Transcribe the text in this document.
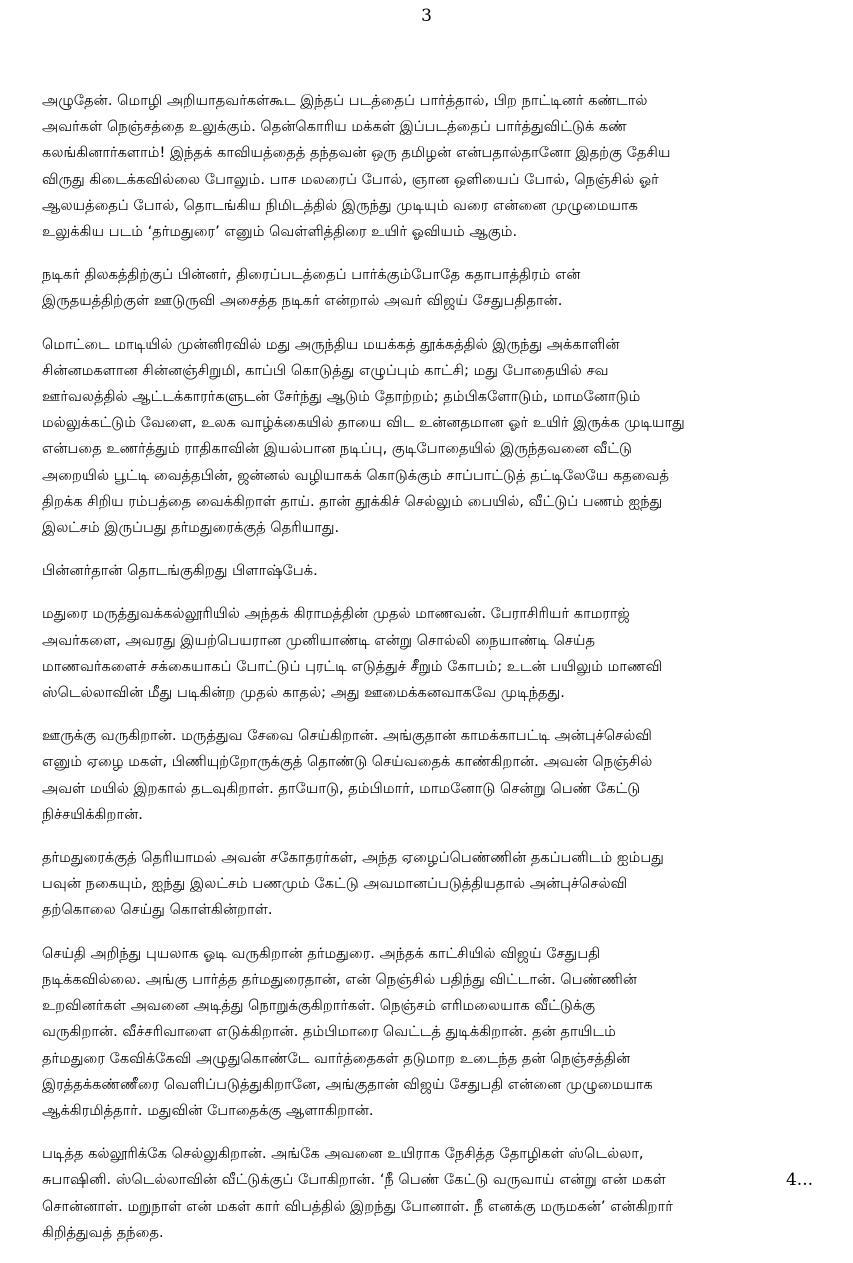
3

அழுதேன். மொழி அறியாதவர்கள்கூட இந்தப் படத்தைப் பார்த்தால், பிற நாட்டினர் கண்டால்
அவர்கள் நெஞ்சத்தை உலுக்கும். தென்கொரிய மக்கள் இப்படத்தைப் பார்த்துவிட்டுக் கண்
கலங்கினார்களாம்! இந்தக் காவியத்தைத் தந்தவன் ஒரு தமிழன் என்பதால்தானோ இதற்கு தேசிய
விருது கிடைக்கவில்லை போலும். பாச மலரைப் போல், ஞான ஒளியைப் போல், நெஞ்சில் ஓர்
ஆலயத்தைப் போல், தொடங்கிய நிமிடத்தில் இருந்து முடியும் வரை என்னை முழுமையாக
உலுக்கிய படம் ‘தர்மதுரை’ எனும் வெள்ளித்திரை உயிர் ஓவியம் ஆகும்.

நடிகர் திலகத்திற்குப் பின்னர், திரைப்படத்தைப் பார்க்கும்போதே கதாபாத்திரம் என்
இருதயத்திற்குள் ஊடுருவி அசைத்த நடிகர் என்றால் அவர் விஜய் சேதுபதிதான்.

மொட்டை மாடியில் முன்னிரவில் மது அருந்திய மயக்கத் தூக்கத்தில் இருந்து அக்காளின்
சின்னமகளான சின்னஞ்சிறுமி, காப்பி கொடுத்து எழுப்பும் காட்சி; மது போதையில் சவ
ஊர்வலத்தில் ஆட்டக்காரர்களுடன் சேர்ந்து ஆடும் தோற்றம்; தம்பிகளோடும், மாமனோடும்
மல்லுக்கட்டும் வேளை, உலக வாழ்க்கையில் தாயை விட உன்னதமான ஓர் உயிர் இருக்க முடியாது
என்பதை உணர்த்தும் ராதிகாவின் இயல்பான நடிப்பு, குடிபோதையில் இருந்தவனை வீட்டு
அறையில் பூட்டி வைத்தபின், ஜன்னல் வழியாகக் கொடுக்கும் சாப்பாட்டுத் தட்டிலேயே கதவைத்
திறக்க சிறிய ரம்பத்தை வைக்கிறாள் தாய். தான் தூக்கிச் செல்லும் பையில், வீட்டுப் பணம் ஐந்து
இலட்சம் இருப்பது தர்மதுரைக்குத் தெரியாது.

பின்னர்தான் தொடங்குகிறது பிளாஷ்பேக்.

மதுரை மருத்துவக்கல்லூரியில் அந்தக் கிராமத்தின் முதல் மாணவன். பேராசிரியர் காமராஜ்
அவர்களை, அவரது இயற்பெயரான முனியாண்டி என்று சொல்லி நையாண்டி செய்த
மாணவர்களைச் சக்கையாகப் போட்டுப் புரட்டி எடுத்துச் சீறும் கோபம்; உடன் பயிலும் மாணவி
ஸ்டெல்லாவின் மீது படிகின்ற முதல் காதல்; அது ஊமைக்கனவாகவே முடிந்தது.

ஊருக்கு வருகிறான். மருத்துவ சேவை செய்கிறான். அங்குதான் காமக்காபட்டி அன்புச்செல்வி
எனும் ஏழை மகள், பிணியுற்றோருக்குத் தொண்டு செய்வதைக் காண்கிறான். அவன் நெஞ்சில்
அவள் மயில் இறகால் தடவுகிறாள். தாயோடு, தம்பிமார், மாமனோடு சென்று பெண் கேட்டு
நிச்சயிக்கிறான்.

தர்மதுரைக்குத் தெரியாமல் அவன் சகோதரர்கள், அந்த ஏழைப்பெண்ணின் தகப்பனிடம் ஐம்பது
பவுன் நகையும், ஐந்து இலட்சம் பணமும் கேட்டு அவமானப்படுத்தியதால் அன்புச்செல்வி
தற்கொலை செய்து கொள்கின்றாள்.

செய்தி அறிந்து புயலாக ஓடி வருகிறான் தர்மதுரை. அந்தக் காட்சியில் விஜய் சேதுபதி
நடிக்கவில்லை. அங்கு பார்த்த தர்மதுரைதான், என் நெஞ்சில் பதிந்து விட்டான். பெண்ணின்
உறவினர்கள் அவனை அடித்து நொறுக்குகிறார்கள். நெஞ்சம் எரிமலையாக வீட்டுக்கு
வருகிறான். வீச்சரிவாளை எடுக்கிறான். தம்பிமாரை வெட்டத் துடிக்கிறான். தன் தாயிடம்
தர்மதுரை கேவிக்கேவி அழுதுகொண்டே வார்த்தைகள் தடுமாற உடைந்த தன் நெஞ்சத்தின்
இரத்தக்கண்ணீரை வெளிப்படுத்துகிறானே, அங்குதான் விஜய் சேதுபதி என்னை முழுமையாக
ஆக்கிரமித்தார். மதுவின் போதைக்கு ஆளாகிறான்.

படித்த கல்லூரிக்கே செல்லுகிறான். அங்கே அவனை உயிராக நேசித்த தோழிகள் ஸ்டெல்லா,
சுபாஷினி. ஸ்டெல்லாவின் வீட்டுக்குப் போகிறான். ‘நீ பெண் கேட்டு வருவாய் என்று என் மகள்
சொன்னாள். மறுநாள் என் மகள் கார் விபத்தில் இறந்து போனாள். நீ எனக்கு மருமகன்’ என்கிறார்
கிறித்துவத் தந்தை.

4...
